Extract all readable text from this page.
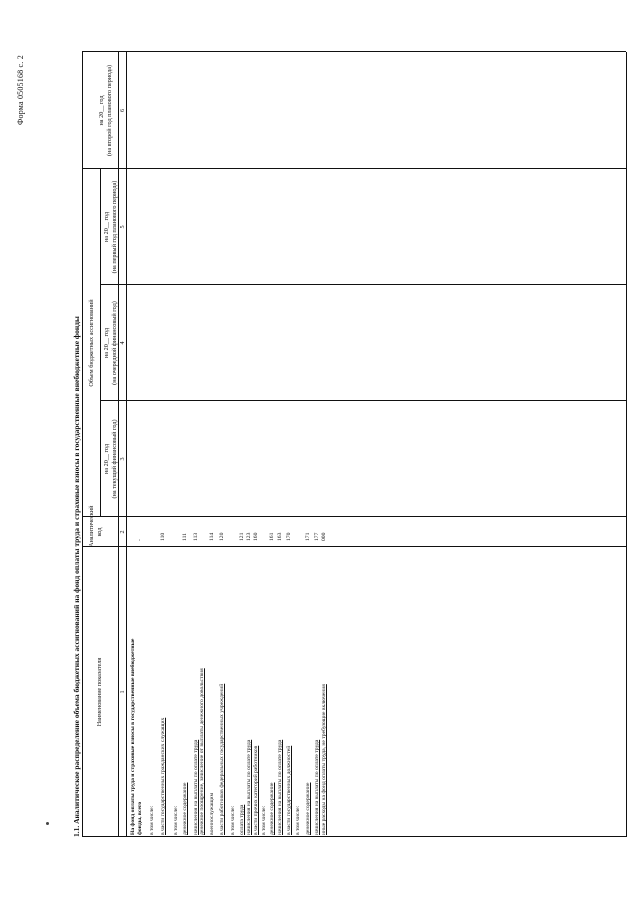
Форма 0505168 с. 2
1.1. Аналитическое распределение объема бюджетных ассигнований на фонд оплаты труда и страховые взносы в государственные внебюджетные фонды Наименование показателя
Аналитический код
Объем бюджетных ассигнований
на 20__ год (на текущий финансовый год)
на 20__ год (на очередной финансовый год)
на 20__ год (на первый год планового периода)
на 20__ год (на второй год планового периода)
1
2
3
4
5
6
На фонд оплаты труда и страховые взносы в государственные внебюджетные фонды, всего
-
в том числе: в части государственных гражданских служащих
110
в том числе: денежное содержание
111
начисления на выплаты по оплате труда
113
денежное поощрение, зачисление от выплаты денежного довольствия военнослужащим
114
в части работников федеральных государственных учреждений
120
в том числе: оплата труда
121
начисления на выплаты по оплате труда
123
в части прочих категорий работников
160
в том числе: денежное содержание
161
начисления на выплаты по оплате труда
163
в части государственных должностей
170
в том числе: денежное содержание
171
начисления на выплаты по оплате труда
177
иные расходы на фонд оплаты труда, не требующие включения
000
